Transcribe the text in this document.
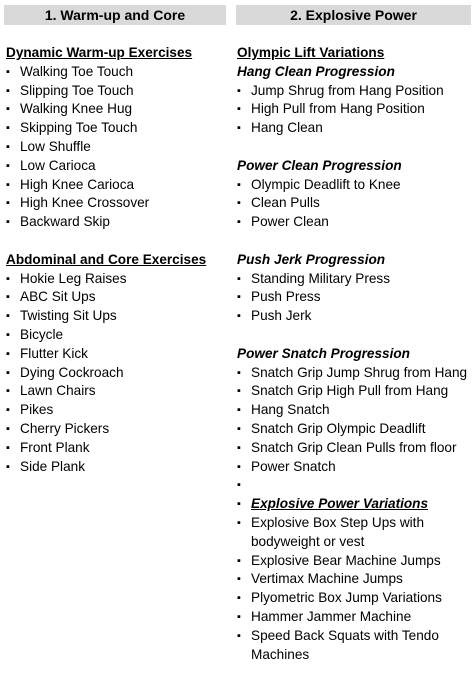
1. Warm-up and Core	2. Explosive Power
Dynamic Warm-up Exercises
▪ Walking Toe Touch
▪ Slipping Toe Touch
▪ Walking Knee Hug
▪ Skipping Toe Touch
▪ Low Shuffle
▪ Low Carioca
▪ High Knee Carioca
▪ High Knee Crossover
▪ Backward Skip
Abdominal and Core Exercises
▪ Hokie Leg Raises
▪ ABC Sit Ups
▪ Twisting Sit Ups
▪ Bicycle
▪ Flutter Kick
▪ Dying Cockroach
▪ Lawn Chairs
▪ Pikes
▪ Cherry Pickers
▪ Front Plank
▪ Side Plank
Olympic Lift Variations
Hang Clean Progression
▪ Jump Shrug from Hang Position
▪ High Pull from Hang Position
▪ Hang Clean
Power Clean Progression
▪ Olympic Deadlift to Knee
▪ Clean Pulls
▪ Power Clean
Push Jerk Progression
▪ Standing Military Press
▪ Push Press
▪ Push Jerk
Power Snatch Progression
▪ Snatch Grip Jump Shrug from Hang
▪ Snatch Grip High Pull from Hang
▪ Hang Snatch
▪ Snatch Grip Olympic Deadlift
▪ Snatch Grip Clean Pulls from floor
▪ Power Snatch
▪
▪ Explosive Power Variations
▪ Explosive Box Step Ups with
bodyweight or vest
▪ Explosive Bear Machine Jumps
▪ Vertimax Machine Jumps
▪ Plyometric Box Jump Variations
▪ Hammer Jammer Machine
▪ Speed Back Squats with Tendo
Machines
